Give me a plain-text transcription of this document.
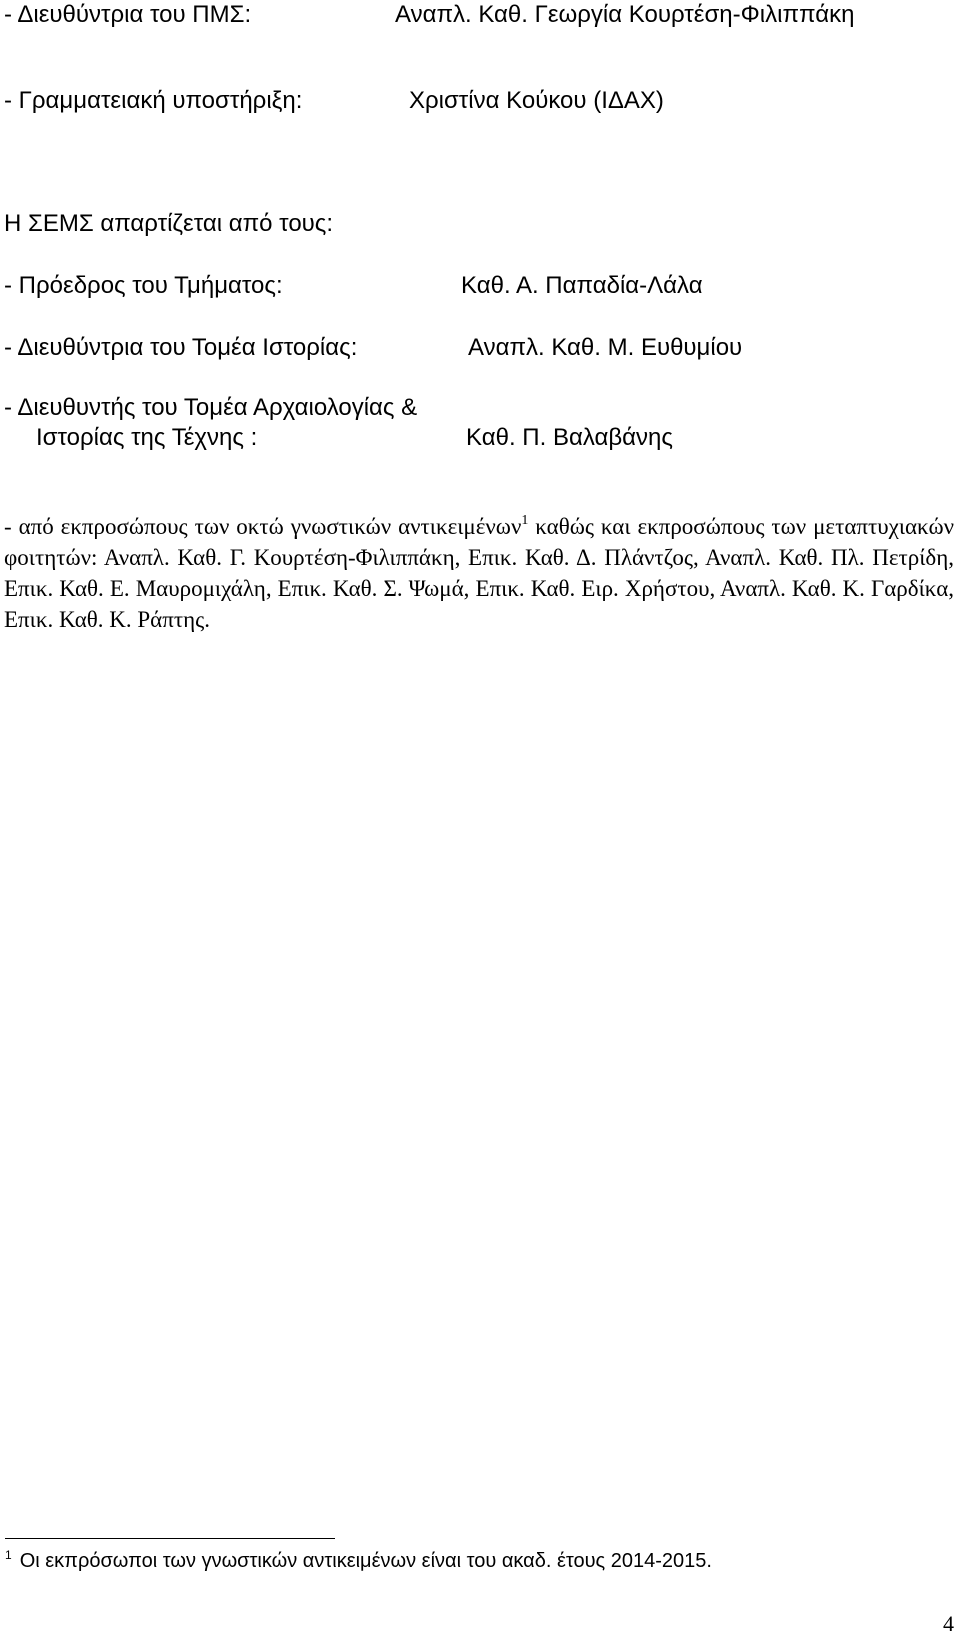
- Διευθύντρια του ΠΜΣ:	Αναπλ. Καθ. Γεωργία Κουρτέση-Φιλιππάκη
- Γραμματειακή υποστήριξη:	Χριστίνα Κούκου (ΙΔΑΧ)
Η ΣΕΜΣ απαρτίζεται από τους:
- Πρόεδρος του Τμήματος:	Καθ. Α. Παπαδία-Λάλα
- Διευθύντρια του Τομέα Ιστορίας:	Αναπλ. Καθ. Μ. Ευθυμίου
- Διευθυντής του Τομέα Αρχαιολογίας &
Ιστορίας της Τέχνης :	Καθ. Π. Βαλαβάνης
- από εκπροσώπους των οκτώ γνωστικών αντικειμένων$^1$ καθώς και εκπροσώπους των μεταπτυχιακών φοιτητών: Αναπλ. Καθ. Γ. Κουρτέση-Φιλιππάκη, Επικ. Καθ. Δ. Πλάντζος, Αναπλ. Καθ. Πλ. Πετρίδη, Επικ. Καθ. Ε. Μαυρομιχάλη, Επικ. Καθ. Σ. Ψωμά, Επικ. Καθ. Ειρ. Χρήστου, Αναπλ. Καθ. Κ. Γαρδίκα, Επικ. Καθ. Κ. Ράπτης.
$^1$ Οι εκπρόσωποι των γνωστικών αντικειμένων είναι του ακαδ. έτους 2014-2015.
4
